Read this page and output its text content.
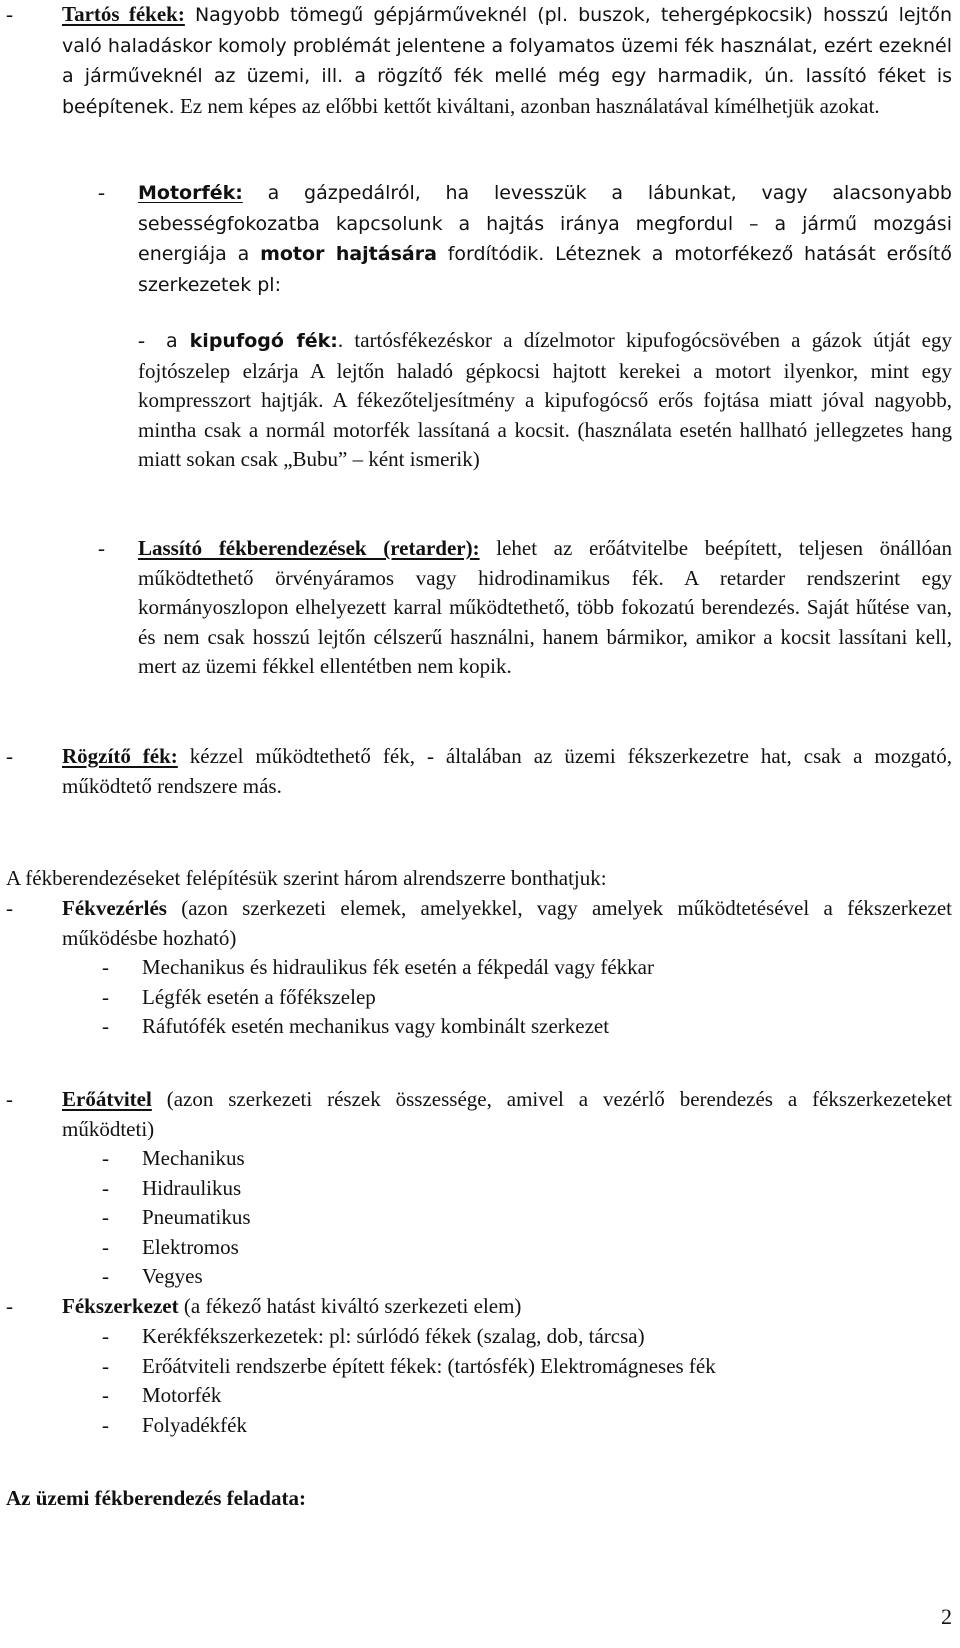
- Tartós fékek: Nagyobb tömegű gépjárműveknél (pl. buszok, tehergépkocsik) hosszú lejtőn való haladáskor komoly problémát jelentene a folyamatos üzemi fék használat, ezért ezeknél a járműveknél az üzemi, ill. a rögzítő fék mellé még egy harmadik, ún. lassító féket is beépítenek. Ez nem képes az előbbi kettőt kiváltani, azonban használatával kímélhetjük azokat.
- Motorfék: a gázpedálról, ha levesszük a lábunkat, vagy alacsonyabb sebességfokozatba kapcsolunk a hajtás iránya megfordul – a jármű mozgási energiája a motor hajtására fordítódik. Léteznek a motorfékező hatását erősítő szerkezetek pl:
-	a kipufogó fék:. tartósfékezéskor a dízelmotor kipufogócsövében a gázok útját egy fojtószelep elzárja A lejtőn haladó gépkocsi hajtott kerekei a motort ilyenkor, mint egy kompresszort hajtják. A fékezőteljesítmény a kipufogócső erős fojtása miatt jóval nagyobb, mintha csak a normál motorfék lassítaná a kocsit. (használata esetén hallható jellegzetes hang miatt sokan csak „Bubu” – ként ismerik)
- Lassító fékberendezések (retarder): lehet az erőátvitelbe beépített, teljesen önállóan működtethető örvényáramos vagy hidrodinamikus fék. A retarder rendszerint egy kormányoszlopon elhelyezett karral működtethető, több fokozatú berendezés. Saját hűtése van, és nem csak hosszú lejtőn célszerű használni, hanem bármikor, amikor a kocsit lassítani kell, mert az üzemi fékkel ellentétben nem kopik.
- Rögzítő fék: kézzel működtethető fék, - általában az üzemi fékszerkezetre hat, csak a mozgató, működtető rendszere más.
A fékberendezéseket felépítésük szerint három alrendszerre bonthatjuk:
- Fékvezérlés (azon szerkezeti elemek, amelyekkel, vagy amelyek működtetésével a fékszerkezet működésbe hozható)
- Mechanikus és hidraulikus fék esetén a fékpedál vagy fékkar
- Légfék esetén a főfékszelep
- Ráfutófék esetén mechanikus vagy kombinált szerkezet
- Erőátvitel (azon szerkezeti részek összessége, amivel a vezérlő berendezés a fékszerkezeteket működteti)
- Mechanikus
- Hidraulikus
- Pneumatikus
- Elektromos
- Vegyes
- Fékszerkezet (a fékező hatást kiváltó szerkezeti elem)
- Kerékfékszerkezetek: pl: súrlódó fékek (szalag, dob, tárcsa)
- Erőátviteli rendszerbe épített fékek: (tartósfék) Elektromágneses fék
- Motorfék
- Folyadékfék
Az üzemi fékberendezés feladata:
2
